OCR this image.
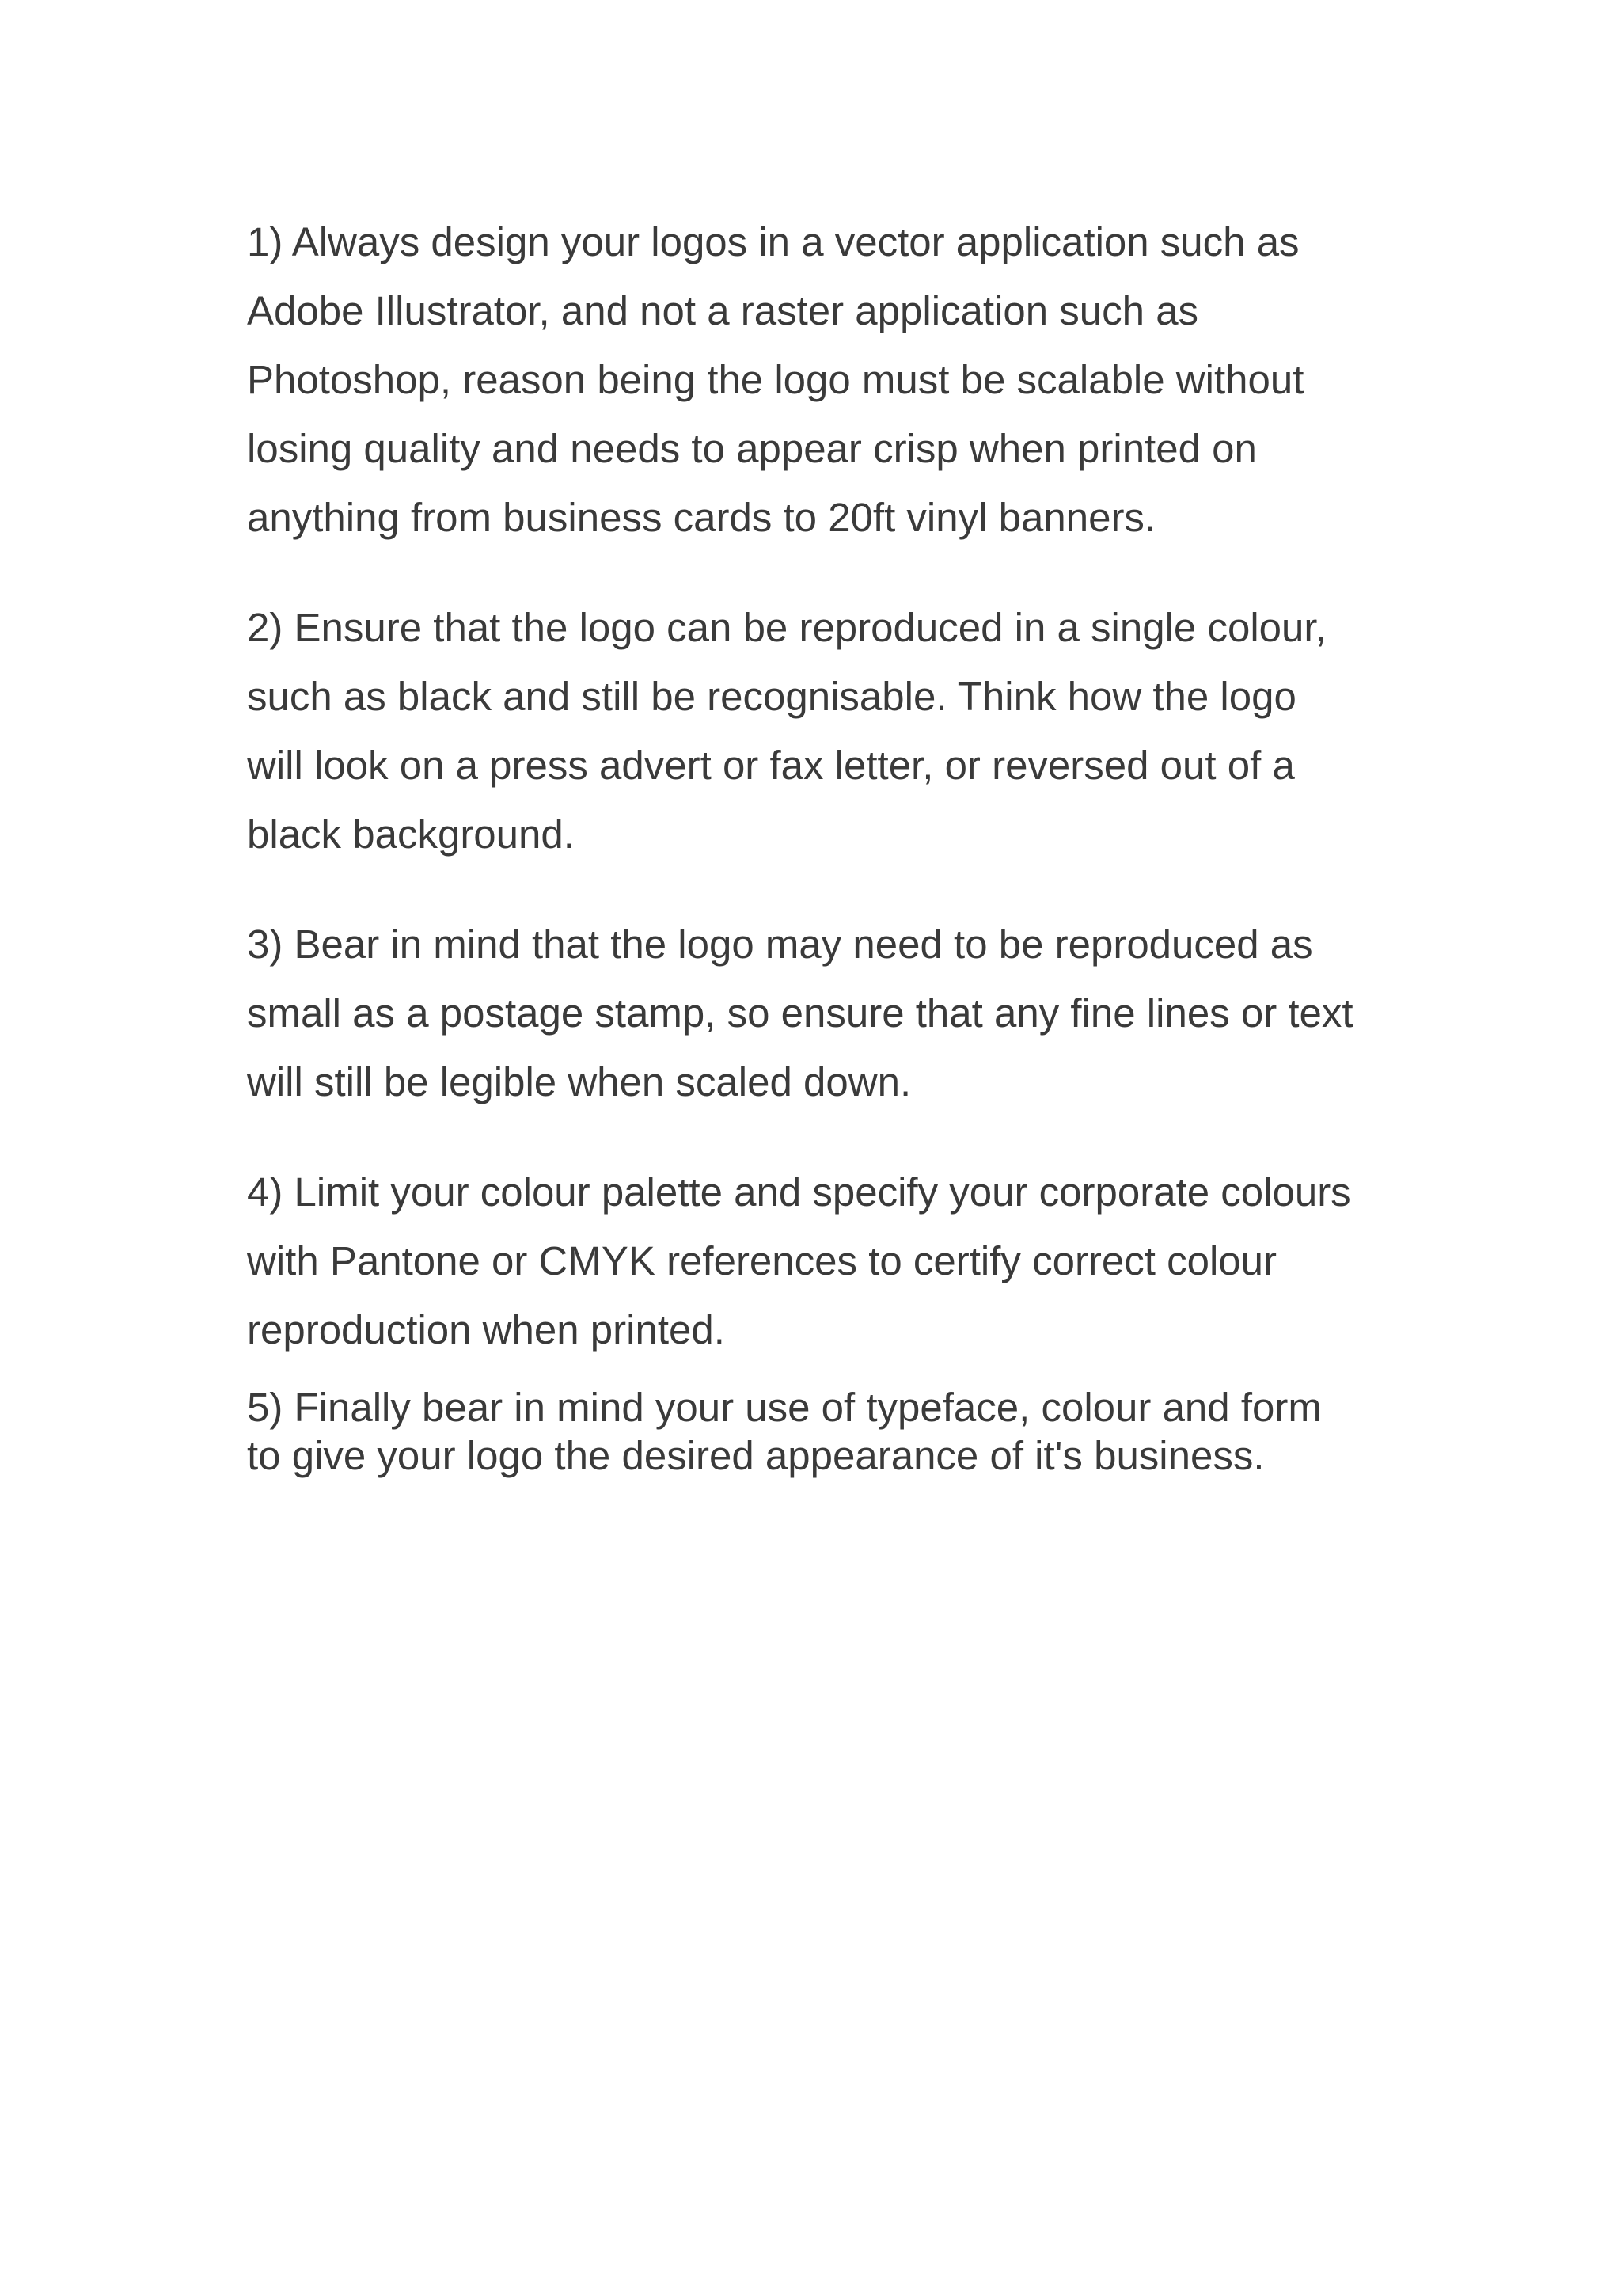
1) Always design your logos in a vector application such as
Adobe Illustrator, and not a raster application such as
Photoshop, reason being the logo must be scalable without
losing quality and needs to appear crisp when printed on
anything from business cards to 20ft vinyl banners.

2) Ensure that the logo can be reproduced in a single colour,
such as black and still be recognisable. Think how the logo
will look on a press advert or fax letter, or reversed out of a
black background.

3) Bear in mind that the logo may need to be reproduced as
small as a postage stamp, so ensure that any fine lines or text
will still be legible when scaled down.

4) Limit your colour palette and specify your corporate colours
with Pantone or CMYK references to certify correct colour
reproduction when printed.

5) Finally bear in mind your use of typeface, colour and form
to give your logo the desired appearance of it's business.
